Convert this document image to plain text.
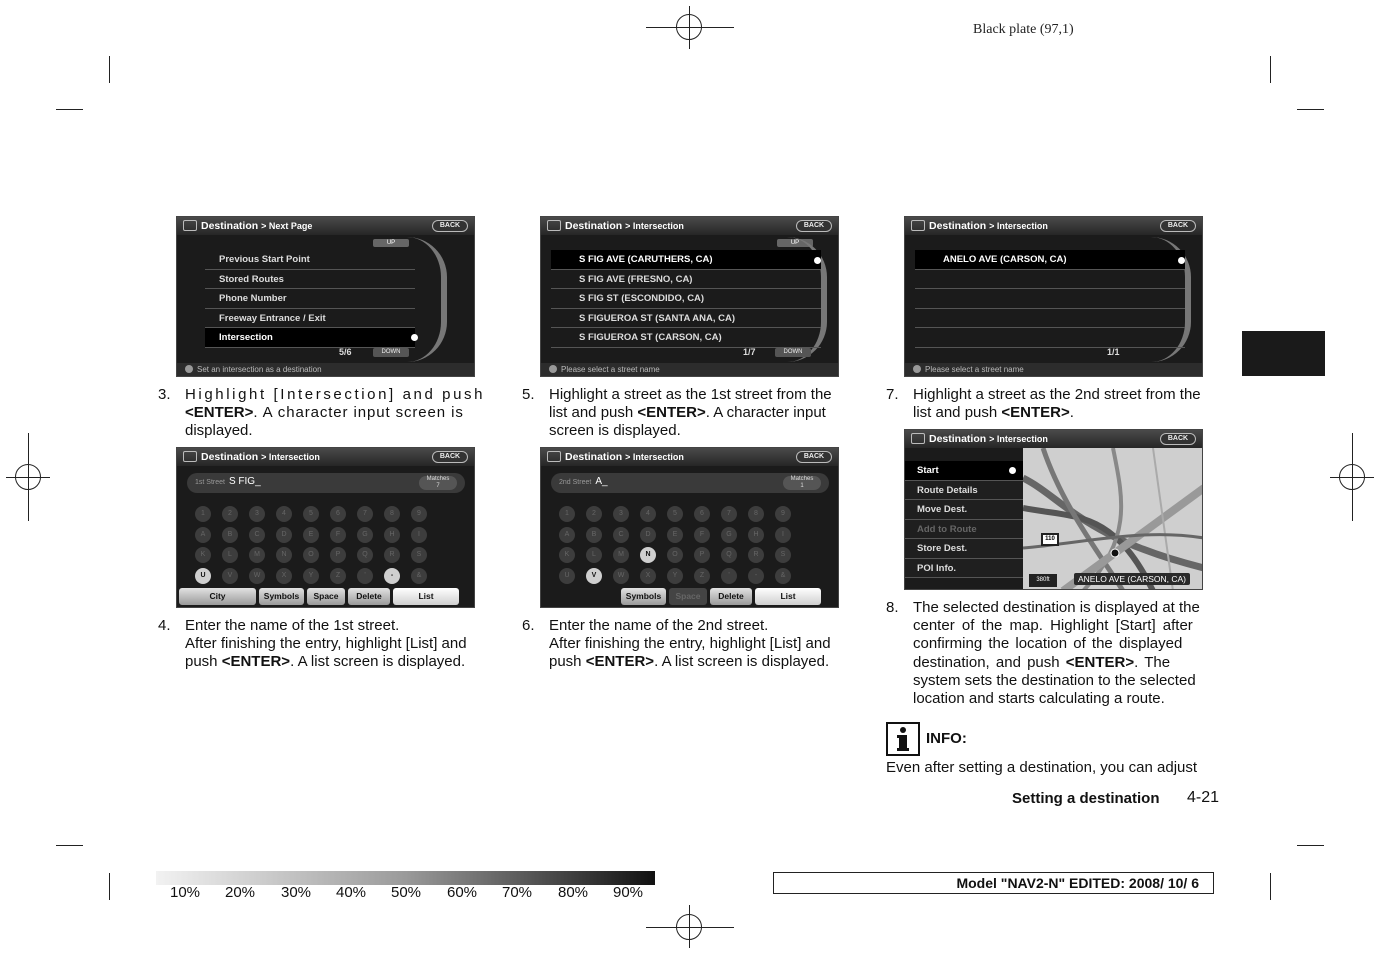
Black plate (97,1)
Destination > Next Page	BACK
UP
Previous Start Point
Stored Routes
Phone Number
Freeway Entrance / Exit
Intersection
5/6	DOWN
Set an intersection as a destination
Destination > Intersection	BACK
UP
S FIG AVE (CARUTHERS, CA)
S FIG AVE (FRESNO, CA)
S FIG ST (ESCONDIDO, CA)
S FIGUEROA ST (SANTA ANA, CA)
S FIGUEROA ST (CARSON, CA)
1/7	DOWN
Please select a street name
Destination > Intersection	BACK
ANELO AVE (CARSON, CA)
1/1
Please select a street name
Destination > Intersection	BACK
1st Street S FIG_	Matches
7
1	2	3	4	5	6	7	8	9
A	B	C	D	E	F	G	H	I
K	L	M	N	O	P	Q	R	S
U	V	W	X	Y	Z	'	-	&
City	Symbols Space Delete	List
Destination > Intersection	BACK
2nd Street A_	Matches
1
1	2	3	4	5	6	7	8	9
A	B	C	D	E	F	G	H	I
K	L	M	N	O	P	Q	R	S
U	V	W	X	Y	Z	'	-	&
Symbols Space Delete	List
Destination > Intersection	BACK
Start
Route Details
Move Dest.
Add to Route
Store Dest.
POI Info.
110
380ft	ANELO AVE (CARSON, CA)
3. Highlight [Intersection] and push
<ENTER>. A character input screen is
displayed.
4. Enter the name of the 1st street.
After finishing the entry, highlight [List] and
push <ENTER>. A list screen is displayed.
5. Highlight a street as the 1st street from the
list and push <ENTER>. A character input
screen is displayed.
6. Enter the name of the 2nd street.
After finishing the entry, highlight [List] and
push <ENTER>. A list screen is displayed.
7. Highlight a street as the 2nd street from the
list and push <ENTER>.
8. The selected destination is displayed at the
center of the map. Highlight [Start] after
confirming the location of the displayed
destination, and push <ENTER>. The
system sets the destination to the selected
location and starts calculating a route.
INFO:
Even after setting a destination, you can adjust
Setting a destination 4-21
10% 20% 30% 40% 50% 60% 70% 80% 90%
Model "NAV2-N" EDITED: 2008/ 10/ 6
